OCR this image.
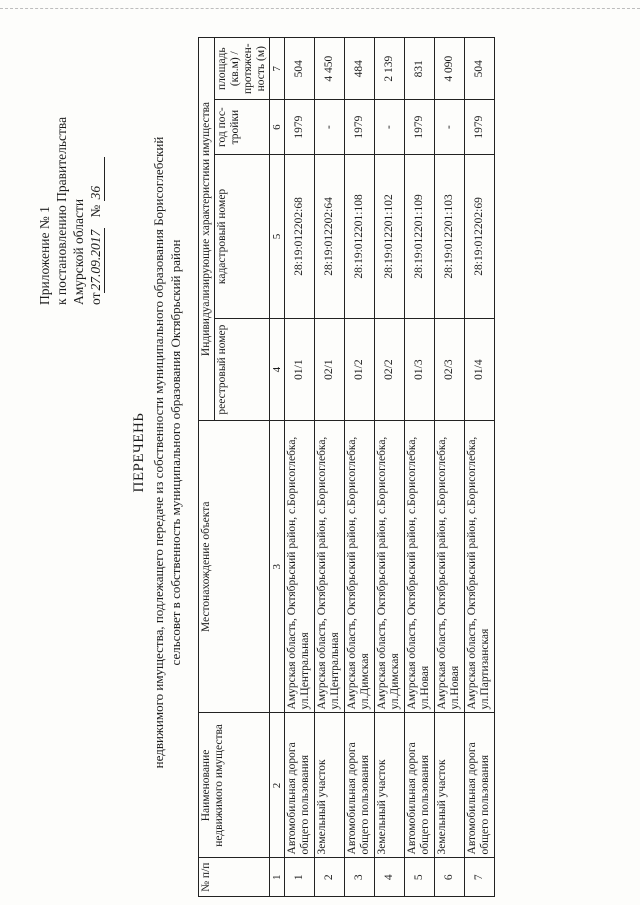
Приложение № 1 к постановлению Правительства Амурской области от27.09.2017   № 36
ПЕРЕЧЕНЬ недвижимого имущества, подлежащего передаче из собственности муниципального образования Борисоглебский сельсовет в собственность муниципального образования Октябрьский район
№ п/п	Наименование недвижимого имущества	Местонахождение объекта	Индивидуализирующие характеристики имущества			
			реестровый номер	кадастровый номер	год пос-тройки	площадь (кв.м) / протяжен-ность (м)
1	2	3	4	5	6	7
1	Автомобильная дорога общего пользования	Амурская область, Октябрьский район, с.Борисоглебка, ул.Центральная	01/1	28:19:012202:68	1979	504
2	Земельный участок	Амурская область, Октябрьский район, с.Борисоглебка, ул.Центральная	02/1	28:19:012202:64	-	4 450
3	Автомобильная дорога общего пользования	Амурская область, Октябрьский район, с.Борисоглебка, ул.Димская	01/2	28:19:012201:108	1979	484
4	Земельный участок	Амурская область, Октябрьский район, с.Борисоглебка, ул.Димская	02/2	28:19:012201:102	-	2 139
5	Автомобильная дорога общего пользования	Амурская область, Октябрьский район, с.Борисоглебка, ул.Новая	01/3	28:19:012201:109	1979	831
6	Земельный участок	Амурская область, Октябрьский район, с.Борисоглебка, ул.Новая	02/3	28:19:012201:103	-	4 090
7	Автомобильная дорога общего пользования	Амурская область, Октябрьский район, с.Борисоглебка, ул.Партизанская	01/4	28:19:012202:69	1979	504
